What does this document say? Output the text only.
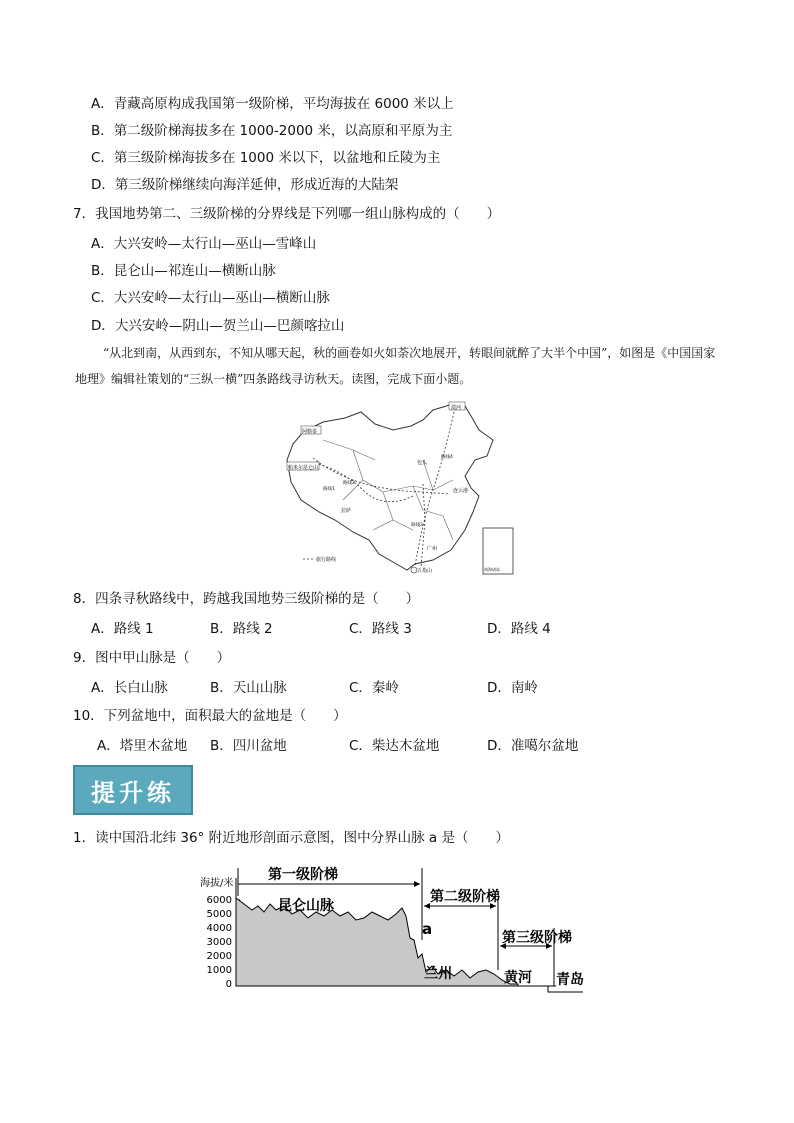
A．青藏高原构成我国第一级阶梯，平均海拔在 6000 米以上
B．第二级阶梯海拔多在 1000-2000 米，以高原和平原为主
C．第三级阶梯海拔多在 1000 米以下，以盆地和丘陵为主
D．第三级阶梯继续向海洋延伸，形成近海的大陆架
7．我国地势第二、三级阶梯的分界线是下列哪一组山脉构成的（　　）
A．大兴安岭—太行山—巫山—雪峰山
B．昆仑山—祁连山—横断山脉
C．大兴安岭—太行山—巫山—横断山脉
D．大兴安岭—阴山—贺兰山—巴颜喀拉山
“从北到南，从西到东，不知从哪天起，秋的画卷如火如荼次地展开，转眼间就醉了大半个中国”，如图是《中国国家地理》编辑社策划的“三纵一横”四条路线寻访秋天。读图，完成下面小题。
阿勒泰
帕米尔昆仑山
包头
连云港
拉萨
广州
五指山
漠河
路线1
路线2
路线3
路线4
南海诸岛
旅行路线
8．四条寻秋路线中，跨越我国地势三级阶梯的是（　　）
A．路线 1	B．路线 2	C．路线 3	D．路线 4
9．图中甲山脉是（　　）
A．长白山脉	B．天山山脉	C．秦岭	D．南岭
10．下列盆地中，面积最大的盆地是（　　）
A．塔里木盆地 B．四川盆地	C．柴达木盆地	D．准噶尔盆地
提升练
1．读中国沿北纬 36° 附近地形剖面示意图，图中分界山脉 a 是（　　）
海拔/米
6000
5000
4000
3000
2000
1000
0
第一级阶梯
第二级阶梯
第三级阶梯
昆仑山脉
a
兰州	黄河 青岛
